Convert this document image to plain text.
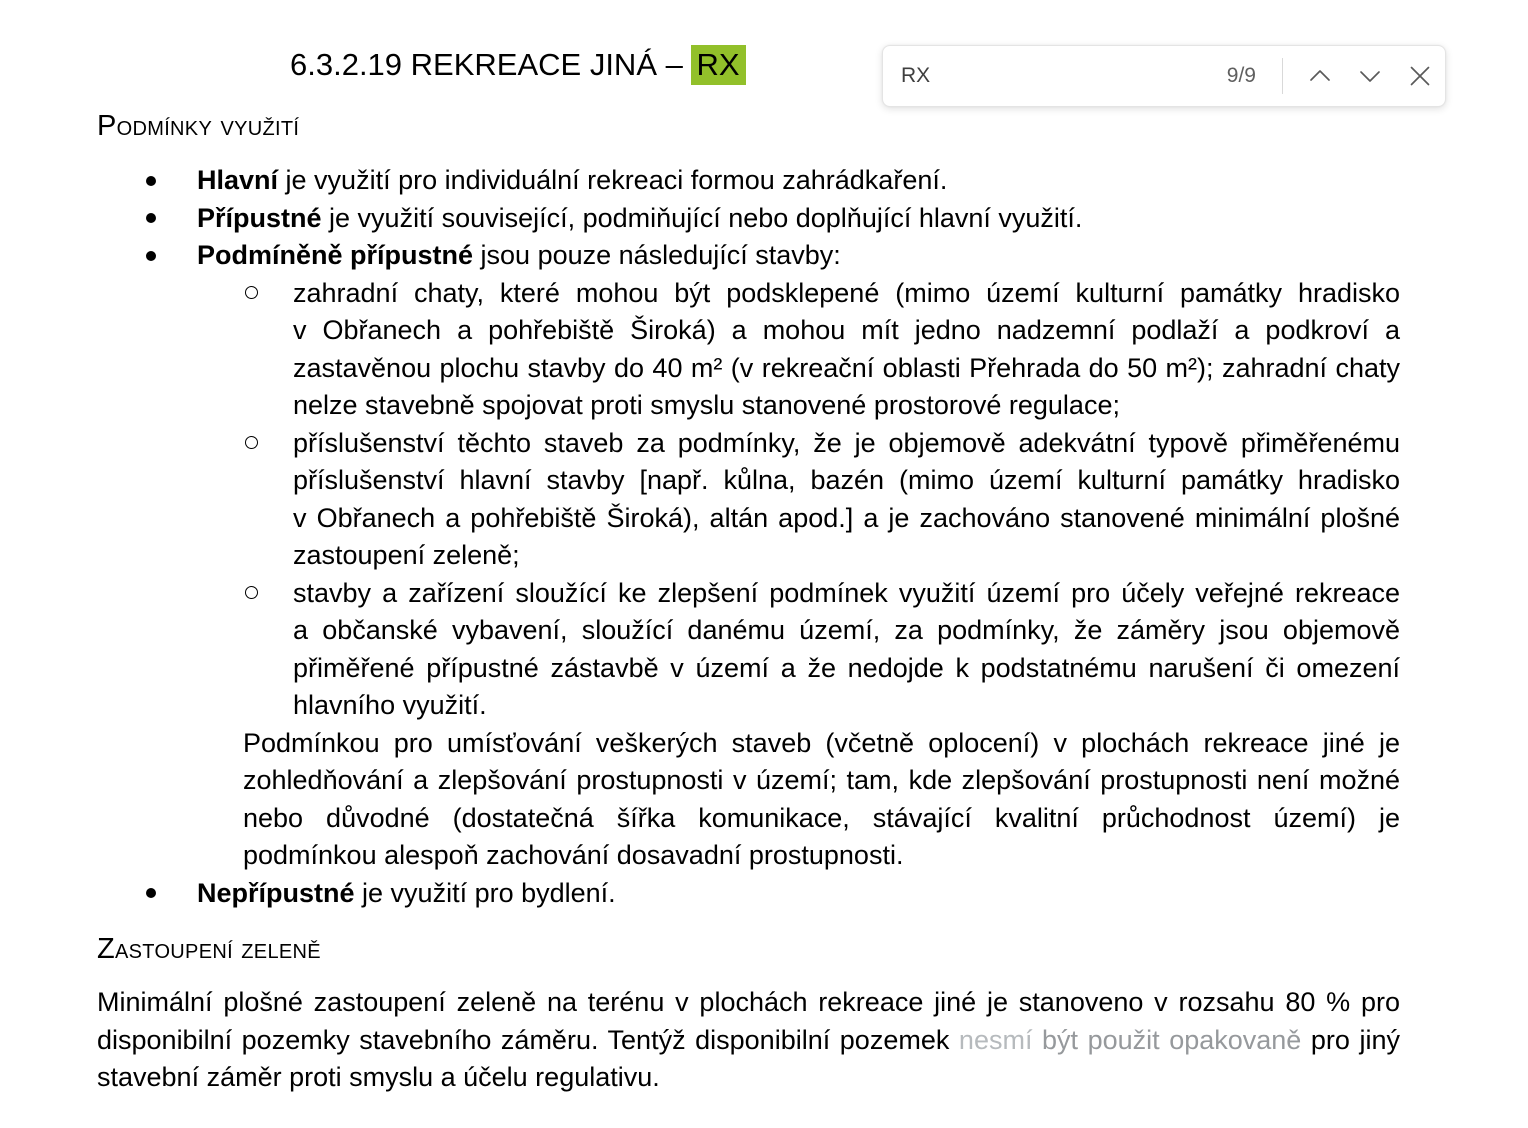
6.3.2.19 REKREACE JINÁ – RX
Podmínky využití
Hlavní je využití pro individuální rekreaci formou zahrádkaření.
Přípustné je využití související, podmiňující nebo doplňující hlavní využití.
Podmíněně přípustné jsou pouze následující stavby:
zahradní chaty, které mohou být podsklepené (mimo území kulturní památky hradisko v Obřanech a pohřebiště Široká) a mohou mít jedno nadzemní podlaží a podkroví a zastavěnou plochu stavby do 40 m² (v rekreační oblasti Přehrada do 50 m²); zahradní chaty nelze stavebně spojovat proti smyslu stanovené prostorové regulace;
příslušenství těchto staveb za podmínky, že je objemově adekvátní typově přiměřenému příslušenství hlavní stavby [např. kůlna, bazén (mimo území kulturní památky hradisko v Obřanech a pohřebiště Široká), altán apod.] a je zachováno stanovené minimální plošné zastoupení zeleně;
stavby a zařízení sloužící ke zlepšení podmínek využití území pro účely veřejné rekreace a občanské vybavení, sloužící danému území, za podmínky, že záměry jsou objemově přiměřené přípustné zástavbě v území a že nedojde k podstatnému narušení či omezení hlavního využití.
Podmínkou pro umísťování veškerých staveb (včetně oplocení) v plochách rekreace jiné je zohledňování a zlepšování prostupnosti v území; tam, kde zlepšování prostupnosti není možné nebo důvodné (dostatečná šířka komunikace, stávající kvalitní průchodnost území) je podmínkou alespoň zachování dosavadní prostupnosti.
Nepřípustné je využití pro bydlení.
Zastoupení zeleně
Minimální plošné zastoupení zeleně na terénu v plochách rekreace jiné je stanoveno v rozsahu 80 % pro disponibilní pozemky stavebního záměru. Tentýž disponibilní pozemek nesmí být použit opakovaně pro jiný stavební záměr proti smyslu a účelu regulativu.
RX	9/9
